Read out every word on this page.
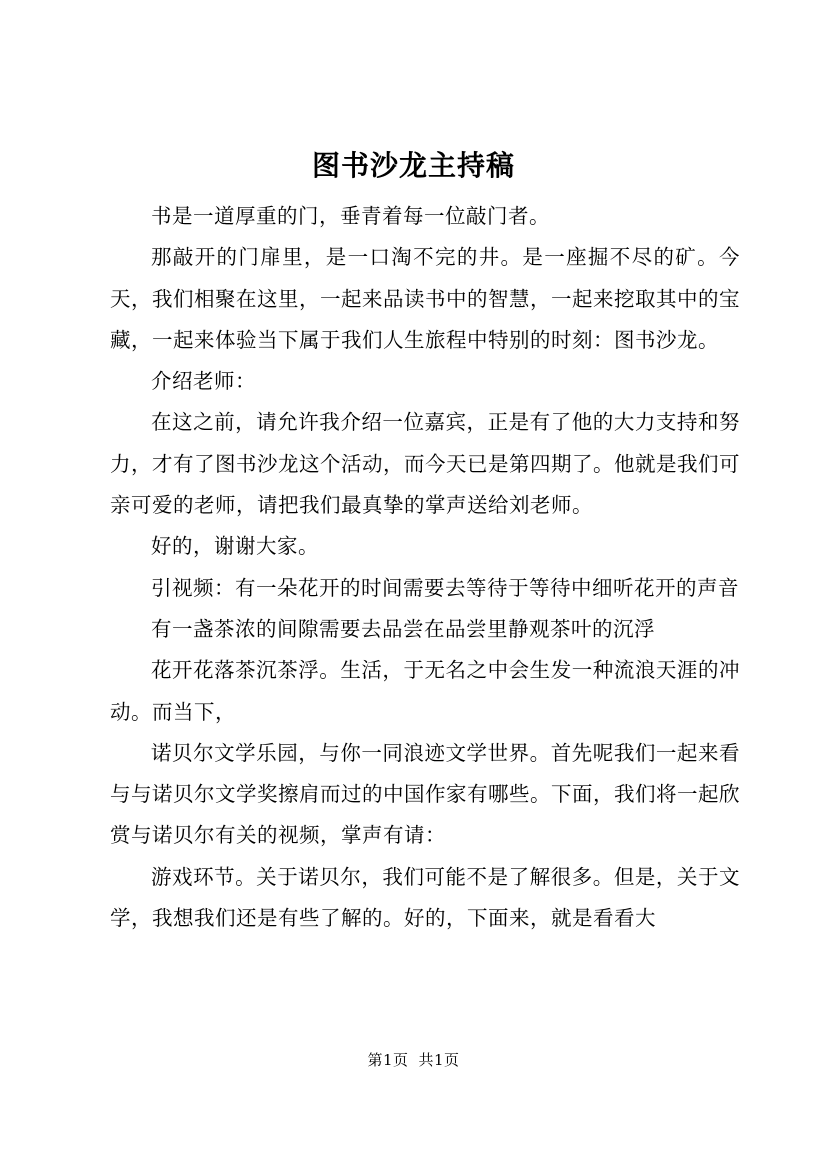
图书沙龙主持稿

书是一道厚重的门，垂青着每一位敲门者。

那敲开的门扉里，是一口淘不完的井。是一座掘不尽的矿。今天，我们相聚在这里，一起来品读书中的智慧，一起来挖取其中的宝藏，一起来体验当下属于我们人生旅程中特别的时刻：图书沙龙。

介绍老师：

在这之前，请允许我介绍一位嘉宾，正是有了他的大力支持和努力，才有了图书沙龙这个活动，而今天已是第四期了。他就是我们可亲可爱的老师，请把我们最真挚的掌声送给刘老师。

好的，谢谢大家。

引视频：有一朵花开的时间需要去等待于等待中细听花开的声音

有一盏茶浓的间隙需要去品尝在品尝里静观茶叶的沉浮

花开花落茶沉茶浮。生活，于无名之中会生发一种流浪天涯的冲动。而当下，

诺贝尔文学乐园，与你一同浪迹文学世界。首先呢我们一起来看与与诺贝尔文学奖擦肩而过的中国作家有哪些。下面，我们将一起欣赏与诺贝尔有关的视频，掌声有请：

游戏环节。关于诺贝尔，我们可能不是了解很多。但是，关于文学，我想我们还是有些了解的。好的，下面来，就是看看大

第1页 共1页
